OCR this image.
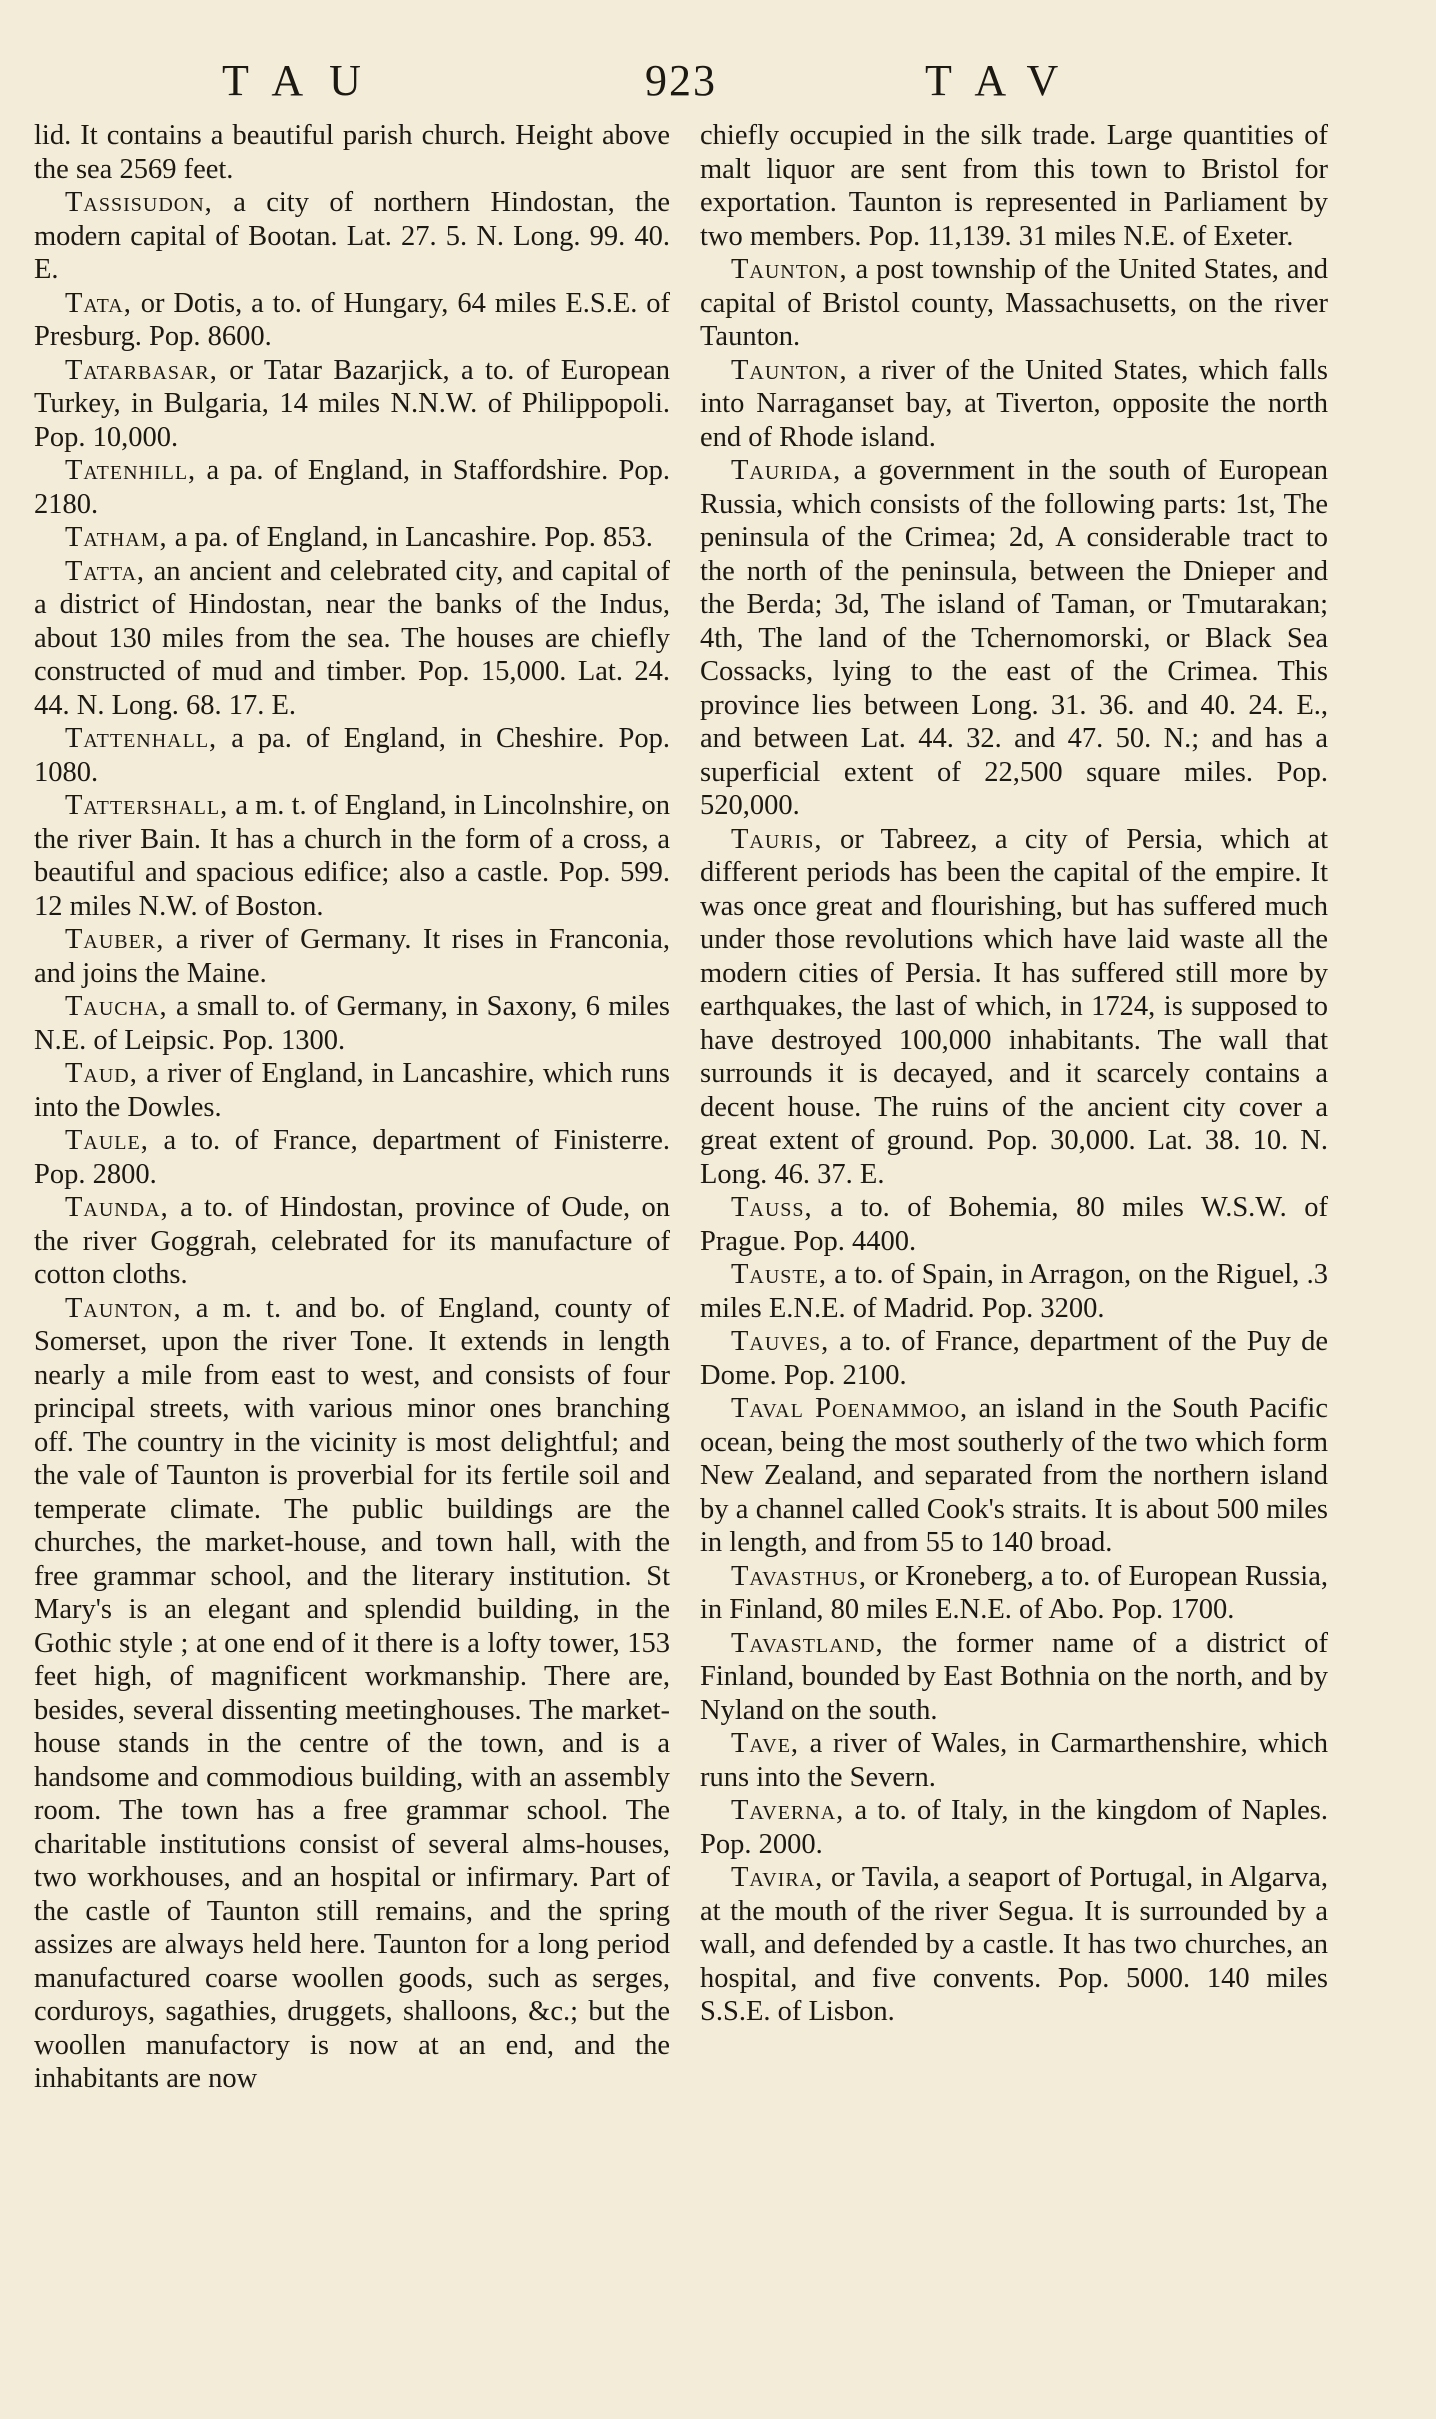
TAU	923	TAV

lid. It contains a beautiful parish church. Height above the sea 2569 feet.

Tassisudon, a city of northern Hindostan, the modern capital of Bootan. Lat. 27. 5. N. Long. 99. 40. E.

Tata, or Dotis, a to. of Hungary, 64 miles E.S.E. of Presburg. Pop. 8600.

Tatarbasar, or Tatar Bazarjick, a to. of European Turkey, in Bulgaria, 14 miles N.N.W. of Philippopoli. Pop. 10,000.

Tatenhill, a pa. of England, in Staffordshire. Pop. 2180.

Tatham, a pa. of England, in Lancashire. Pop. 853.

Tatta, an ancient and celebrated city, and capital of a district of Hindostan, near the banks of the Indus, about 130 miles from the sea. The houses are chiefly constructed of mud and timber. Pop. 15,000. Lat. 24. 44. N. Long. 68. 17. E.

Tattenhall, a pa. of England, in Cheshire. Pop. 1080.

Tattershall, a m. t. of England, in Lincolnshire, on the river Bain. It has a church in the form of a cross, a beautiful and spacious edifice; also a castle. Pop. 599. 12 miles N.W. of Boston.

Tauber, a river of Germany. It rises in Franconia, and joins the Maine.

Taucha, a small to. of Germany, in Saxony, 6 miles N.E. of Leipsic. Pop. 1300.

Taud, a river of England, in Lancashire, which runs into the Dowles.

Taule, a to. of France, department of Finisterre. Pop. 2800.

Taunda, a to. of Hindostan, province of Oude, on the river Goggrah, celebrated for its manufacture of cotton cloths.

Taunton, a m. t. and bo. of England, county of Somerset, upon the river Tone. It extends in length nearly a mile from east to west, and consists of four principal streets, with various minor ones branching off. The country in the vicinity is most delightful; and the vale of Taunton is proverbial for its fertile soil and temperate climate. The public buildings are the churches, the market-house, and town hall, with the free grammar school, and the literary institution. St Mary's is an elegant and splendid building, in the Gothic style ; at one end of it there is a lofty tower, 153 feet high, of magnificent workmanship. There are, besides, several dissenting meetinghouses. The market-house stands in the centre of the town, and is a handsome and commodious building, with an assembly room. The town has a free grammar school. The charitable institutions consist of several alms-houses, two workhouses, and an hospital or infirmary. Part of the castle of Taunton still remains, and the spring assizes are always held here. Taunton for a long period manufactured coarse woollen goods, such as serges, corduroys, sagathies, druggets, shalloons, &c.; but the woollen manufactory is now at an end, and the inhabitants are now

chiefly occupied in the silk trade. Large quantities of malt liquor are sent from this town to Bristol for exportation. Taunton is represented in Parliament by two members. Pop. 11,139. 31 miles N.E. of Exeter.

Taunton, a post township of the United States, and capital of Bristol county, Massachusetts, on the river Taunton.

Taunton, a river of the United States, which falls into Narraganset bay, at Tiverton, opposite the north end of Rhode island.

Taurida, a government in the south of European Russia, which consists of the following parts: 1st, The peninsula of the Crimea; 2d, A considerable tract to the north of the peninsula, between the Dnieper and the Berda; 3d, The island of Taman, or Tmutarakan; 4th, The land of the Tchernomorski, or Black Sea Cossacks, lying to the east of the Crimea. This province lies between Long. 31. 36. and 40. 24. E., and between Lat. 44. 32. and 47. 50. N.; and has a superficial extent of 22,500 square miles. Pop. 520,000.

Tauris, or Tabreez, a city of Persia, which at different periods has been the capital of the empire. It was once great and flourishing, but has suffered much under those revolutions which have laid waste all the modern cities of Persia. It has suffered still more by earthquakes, the last of which, in 1724, is supposed to have destroyed 100,000 inhabitants. The wall that surrounds it is decayed, and it scarcely contains a decent house. The ruins of the ancient city cover a great extent of ground. Pop. 30,000. Lat. 38. 10. N. Long. 46. 37. E.

Tauss, a to. of Bohemia, 80 miles W.S.W. of Prague. Pop. 4400.

Tauste, a to. of Spain, in Arragon, on the Riguel, .3 miles E.N.E. of Madrid. Pop. 3200.

Tauves, a to. of France, department of the Puy de Dome. Pop. 2100.

Taval Poenammoo, an island in the South Pacific ocean, being the most southerly of the two which form New Zealand, and separated from the northern island by a channel called Cook's straits. It is about 500 miles in length, and from 55 to 140 broad.

Tavasthus, or Kroneberg, a to. of European Russia, in Finland, 80 miles E.N.E. of Abo. Pop. 1700.

Tavastland, the former name of a district of Finland, bounded by East Bothnia on the north, and by Nyland on the south.

Tave, a river of Wales, in Carmarthenshire, which runs into the Severn.

Taverna, a to. of Italy, in the kingdom of Naples. Pop. 2000.

Tavira, or Tavila, a seaport of Portugal, in Algarva, at the mouth of the river Segua. It is surrounded by a wall, and defended by a castle. It has two churches, an hospital, and five convents. Pop. 5000. 140 miles S.S.E. of Lisbon.
